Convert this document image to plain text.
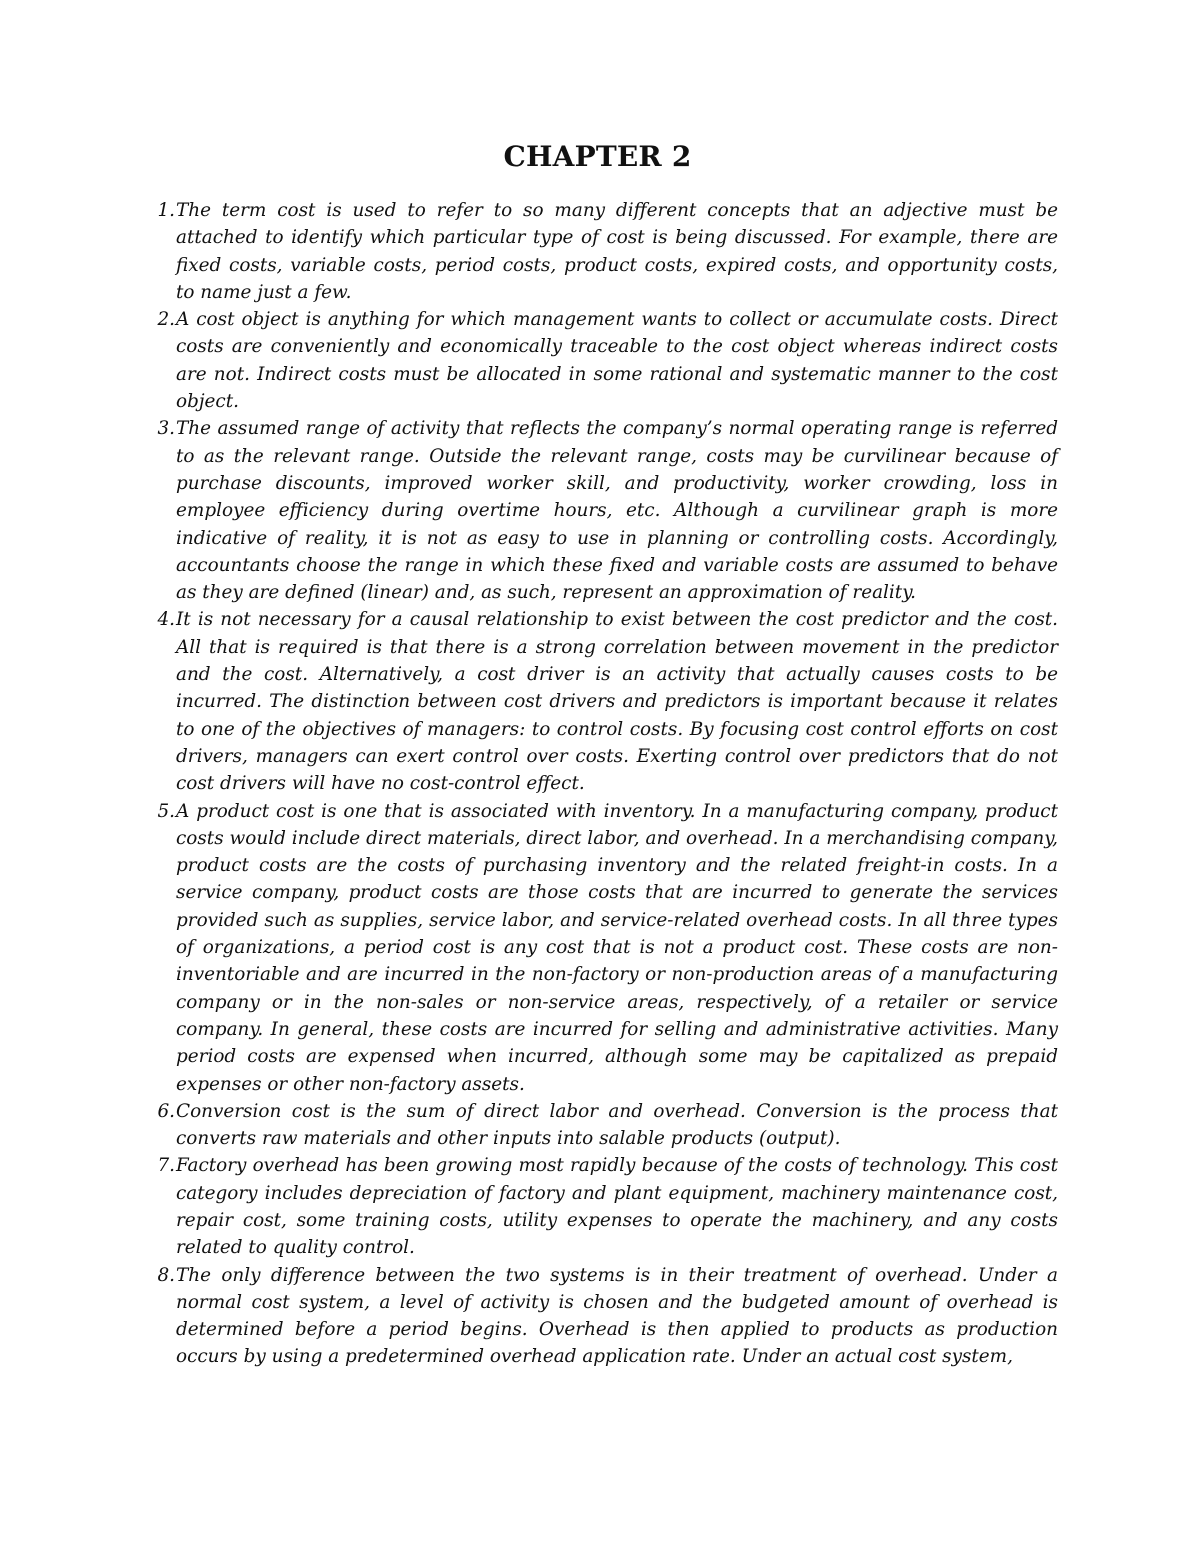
CHAPTER 2
1. The term cost is used to refer to so many different concepts that an adjective must be attached to identify which particular type of cost is being discussed. For example, there are fixed costs, variable costs, period costs, product costs, expired costs, and opportunity costs, to name just a few.
2. A cost object is anything for which management wants to collect or accumulate costs. Direct costs are conveniently and economically traceable to the cost object whereas indirect costs are not. Indirect costs must be allocated in some rational and systematic manner to the cost object.
3. The assumed range of activity that reflects the company’s normal operating range is referred to as the relevant range. Outside the relevant range, costs may be curvilinear because of purchase discounts, improved worker skill, and productivity, worker crowding, loss in employee efficiency during overtime hours, etc. Although a curvilinear graph is more indicative of reality, it is not as easy to use in planning or controlling costs. Accordingly, accountants choose the range in which these fixed and variable costs are assumed to behave as they are defined (linear) and, as such, represent an approximation of reality.
4. It is not necessary for a causal relationship to exist between the cost predictor and the cost. All that is required is that there is a strong correlation between movement in the predictor and the cost. Alternatively, a cost driver is an activity that actually causes costs to be incurred. The distinction between cost drivers and predictors is important because it relates to one of the objectives of managers: to control costs. By focusing cost control efforts on cost drivers, managers can exert control over costs. Exerting control over predictors that do not cost drivers will have no cost-control effect.
5. A product cost is one that is associated with inventory. In a manufacturing company, product costs would include direct materials, direct labor, and overhead. In a merchandising company, product costs are the costs of purchasing inventory and the related freight-in costs. In a service company, product costs are those costs that are incurred to generate the services provided such as supplies, service labor, and service-related overhead costs. In all three types of organizations, a period cost is any cost that is not a product cost. These costs are non-inventoriable and are incurred in the non-factory or non-production areas of a manufacturing company or in the non-sales or non-service areas, respectively, of a retailer or service company. In general, these costs are incurred for selling and administrative activities. Many period costs are expensed when incurred, although some may be capitalized as prepaid expenses or other non-factory assets.
6. Conversion cost is the sum of direct labor and overhead. Conversion is the process that converts raw materials and other inputs into salable products (output).
7. Factory overhead has been growing most rapidly because of the costs of technology. This cost category includes depreciation of factory and plant equipment, machinery maintenance cost, repair cost, some training costs, utility expenses to operate the machinery, and any costs related to quality control.
8. The only difference between the two systems is in their treatment of overhead. Under a normal cost system, a level of activity is chosen and the budgeted amount of overhead is determined before a period begins. Overhead is then applied to products as production occurs by using a predetermined overhead application rate. Under an actual cost system,
